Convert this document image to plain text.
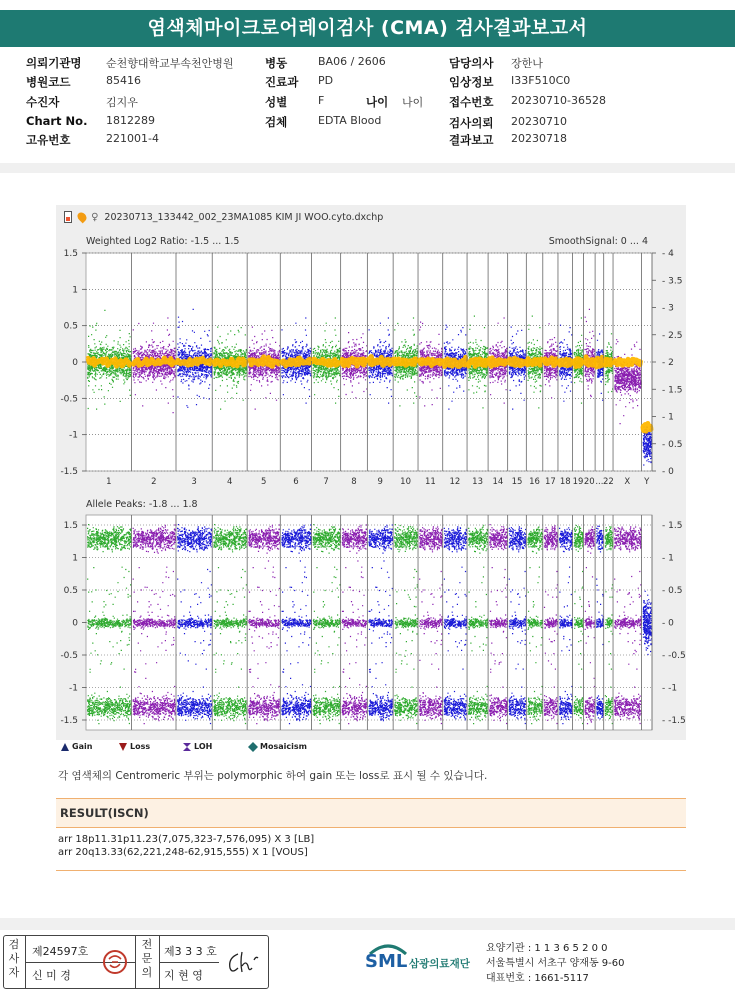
염색체마이크로어레이검사 (CMA) 검사결과보고서
의뢰기관명 순천향대학교부속천안병원
병원코드	85416
수진자	김지우
Chart No. 1812289
고유번호	221001-4
병동	BA06 / 2606
진료과 PD
성별	F	나이 나이
검체	EDTA Blood
담당의사 장한나
임상정보 I33F510C0
접수번호 20230710-36528
검사의뢰 20230710
결과보고 20230718
♀ 20230713_133442_002_23MA1085 KIM JI WOO.cyto.dxchp
Weighted Log2 Ratio: -1.5 ... 1.5	SmoothSignal: 0 ... 4
Allele Peaks: -1.8 ... 1.8
1.5
1
0.5
0
-0.5
-1
-1.5
- 4
- 3.5
- 3
- 2.5
- 2
- 1.5
- 1
- 0.5
- 0
1.5	- 1.5
1	- 1
0.5	- 0.5
0	- 0
-0.5	- -0.5
-1	- -1
-1.5	- -1.5
1	2	3	4	5	6	7	8 9 10 11 12 13 14 15 16 17 18 19 20 ... 22 X Y
Gain	Loss	LOH	Mosaicism
각 염색체의 Centromeric 부위는 polymorphic 하여 gain 또는 loss로 표시 될 수 있습니다.
RESULT(ISCN)
arr 18p11.31p11.23(7,075,323-7,576,095) X 3 [LB]
arr 20q13.33(62,221,248-62,915,555) X 1 [VOUS]
검
사
자
제24597호
신 미 경
전
문
의
제3 3 3 호
지 현 영
SML 삼광의료재단
요양기관 : 1 1 3 6 5 2 0 0
서울특별시 서초구 양재동 9-60
대표번호 : 1661-5117
